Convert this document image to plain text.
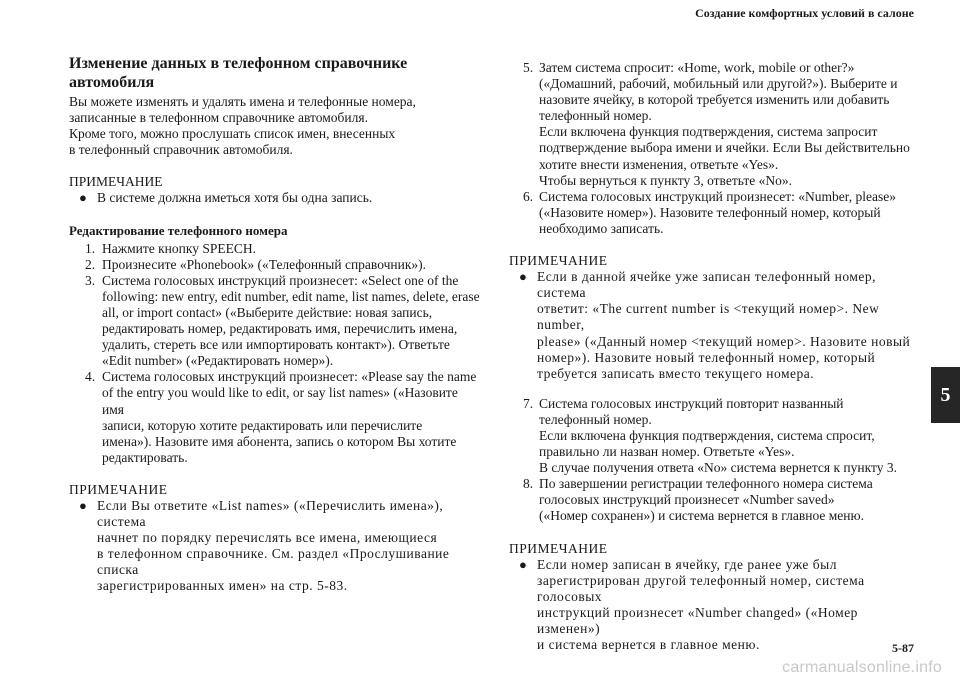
Создание комфортных условий в салоне
5
Изменение данных в телефонном справочнике автомобиля

Вы можете изменять и удалять имена и телефонные номера,

записанные в телефонном справочнике автомобиля.

Кроме того, можно прослушать список имен, внесенных

в телефонный справочник автомобиля.

ПРИМЕЧАНИЕ

● В системе должна иметься хотя бы одна запись.

Редактирование телефонного номера
1. Нажмите кнопку SPEECH.

2. Произнесите «Phonebook» («Телефонный справочник»).

3. Система голосовых инструкций произнесет: «Select one of the

following: new entry, edit number, edit name, list names, delete, erase

all, or import contact» («Выберите действие: новая запись,

редактировать номер, редактировать имя, перечислить имена,

удалить, стереть все или импортировать контакт»). Ответьте

«Edit number» («Редактировать номер»).

4. Система голосовых инструкций произнесет: «Please say the name

of the entry you would like to edit, or say list names» («Назовите имя

записи, которую хотите редактировать или перечислите

имена»). Назовите имя абонента, запись о котором Вы хотите

редактировать.

ПРИМЕЧАНИЕ

● Если Вы ответите «List names» («Перечислить имена»), система

начнет по порядку перечислять все имена, имеющиеся

в телефонном справочнике. См. раздел «Прослушивание списка

зарегистрированных имен» на стр. 5-83.

5. Затем система спросит: «Home, work, mobile or other?»

(«Домашний, рабочий, мобильный или другой?»). Выберите и

назовите ячейку, в которой требуется изменить или добавить

телефонный номер.

Если включена функция подтверждения, система запросит

подтверждение выбора имени и ячейки. Если Вы действительно

хотите внести изменения, ответьте «Yes».

Чтобы вернуться к пункту 3, ответьте «No».

6. Система голосовых инструкций произнесет: «Number, please»

(«Назовите номер»). Назовите телефонный номер, который

необходимо записать.

ПРИМЕЧАНИЕ

● Если в данной ячейке уже записан телефонный номер, система

ответит: «The current number is <текущий номер>. New number,

please» («Данный номер <текущий номер>. Назовите новый

номер»). Назовите новый телефонный номер, который

требуется записать вместо текущего номера.

7. Система голосовых инструкций повторит названный

телефонный номер.

Если включена функция подтверждения, система спросит,

правильно ли назван номер. Ответьте «Yes».

В случае получения ответа «No» система вернется к пункту 3.

8. По завершении регистрации телефонного номера система

голосовых инструкций произнесет «Number saved»

(«Номер сохранен») и система вернется в главное меню.

ПРИМЕЧАНИЕ

● Если номер записан в ячейку, где ранее уже был

зарегистрирован другой телефонный номер, система голосовых

инструкций произнесет «Number changed» («Номер изменен»)

и система вернется в главное меню.	5-87
carmanualsonline.info
